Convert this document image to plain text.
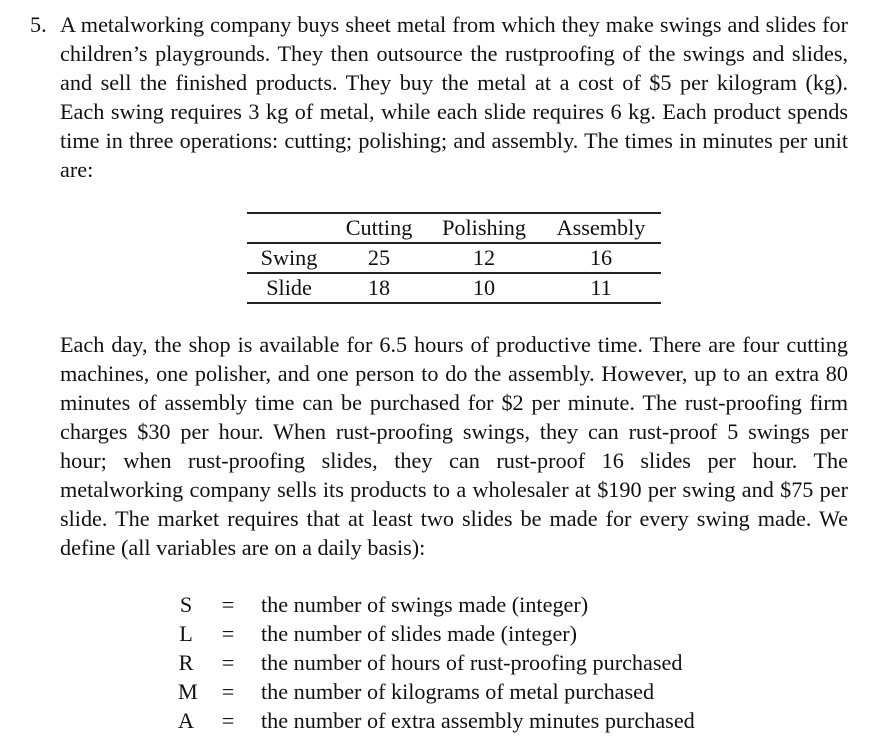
5. A metalworking company buys sheet metal from which they make swings and slides for children’s playgrounds. They then outsource the rustproofing of the swings and slides, and sell the finished products. They buy the metal at a cost of $5 per kilogram (kg). Each swing requires 3 kg of metal, while each slide requires 6 kg. Each product spends time in three operations: cutting; polishing; and assembly. The times in minutes per unit are:

Cutting Polishing Assembly
Swing 25	12	16
Slide	18	10	11

Each day, the shop is available for 6.5 hours of productive time. There are four cutting machines, one polisher, and one person to do the assembly. However, up to an extra 80 minutes of assembly time can be purchased for $2 per minute. The rust-proofing firm charges $30 per hour. When rust-proofing swings, they can rust-proof 5 swings per hour; when rust-proofing slides, they can rust-proof 16 slides per hour. The metalworking company sells its products to a wholesaler at $190 per swing and $75 per slide. The market requires that at least two slides be made for every swing made. We define (all variables are on a daily basis):

S = the number of swings made (integer)
L = the number of slides made (integer)
R = the number of hours of rust-proofing purchased
M = the number of kilograms of metal purchased
A = the number of extra assembly minutes purchased
